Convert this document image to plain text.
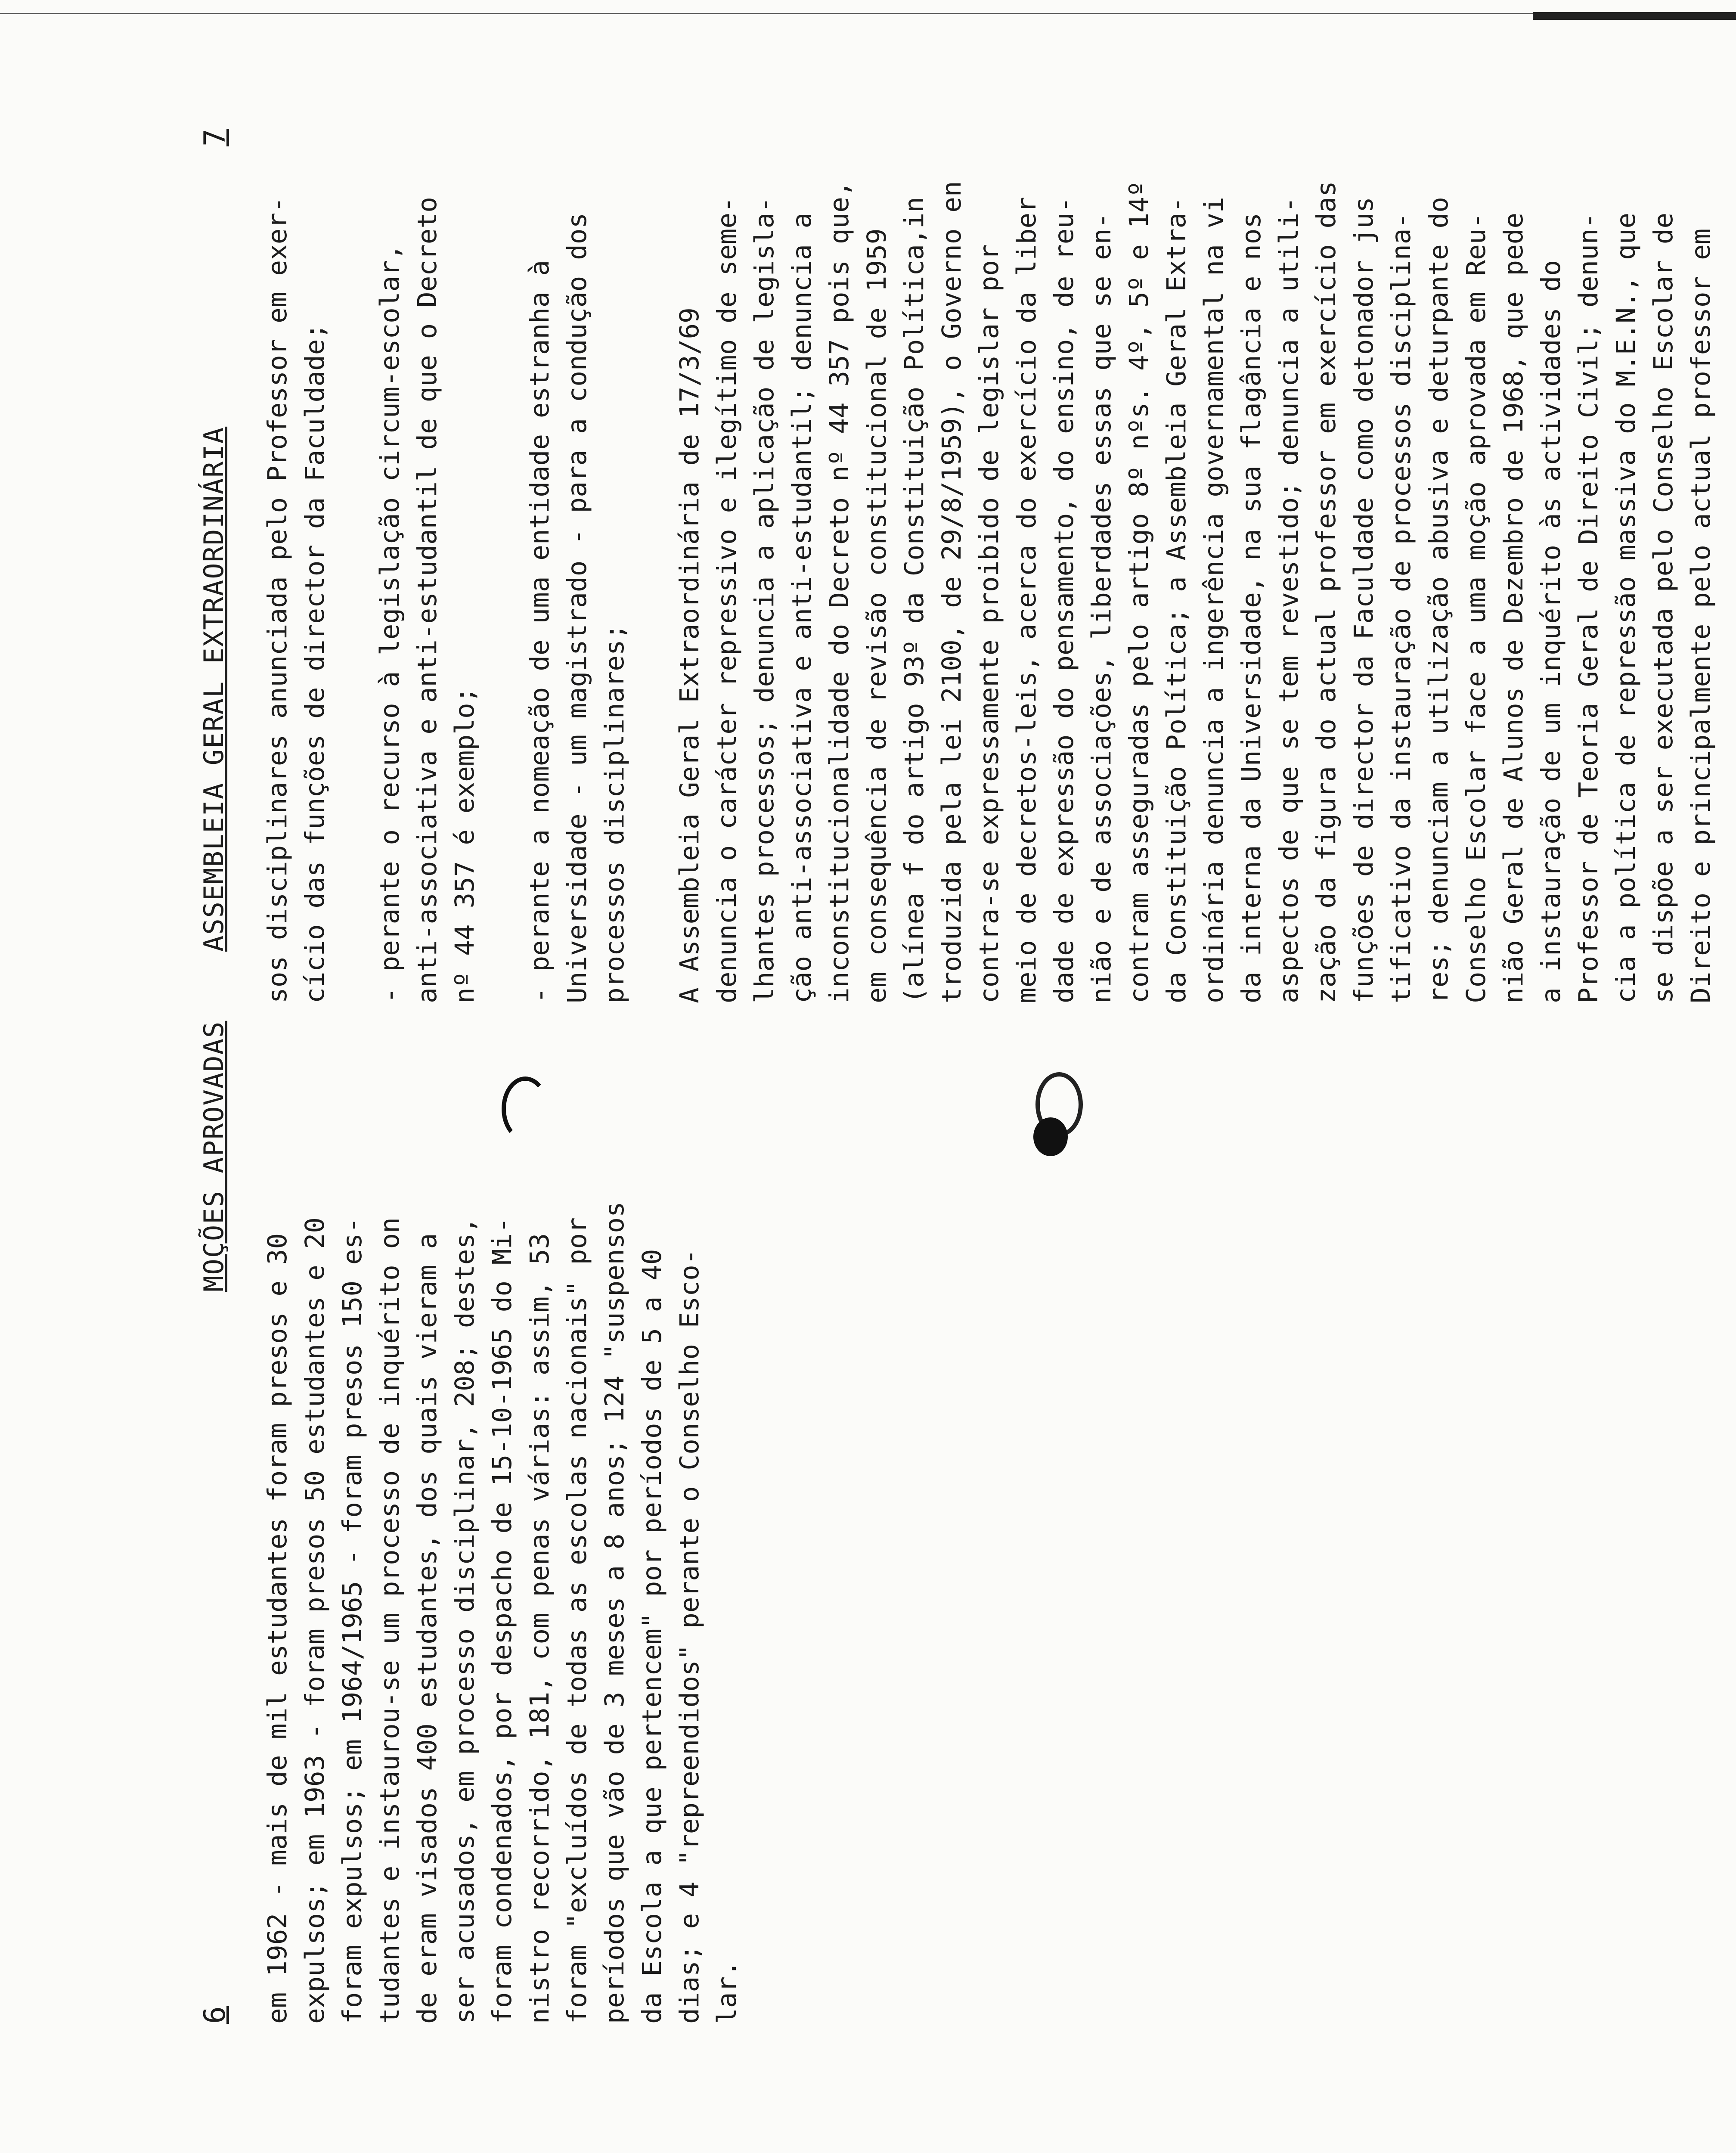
6
MOÇÕES APROVADAS

em 1962 - mais de mil estudantes foram presos e 30
expulsos; em 1963 - foram presos 50 estudantes e 20
foram expulsos; em 1964/1965 - foram presos 150 es-
tudantes e instaurou-se um processo de inquérito on
de eram visados 400 estudantes, dos quais vieram a
ser acusados, em processo disciplinar, 208; destes,
foram condenados, por despacho de 15-10-1965 do Mi-
nistro recorrido, 181, com penas várias: assim, 53
foram "excluídos de todas as escolas nacionais" por
períodos que vão de 3 meses a 8 anos; 124 "suspensos
da Escola a que pertencem" por períodos de 5 a 40
dias; e 4 "repreendidos" perante o Conselho Esco-
lar.

ASSEMBLEIA GERAL EXTRAORDINÁRIA
7

sos disciplinares anunciada pelo Professor em exer-
cício das funções de director da Faculdade;

- perante o recurso à legislação circum-escolar,
anti-associativa e anti-estudantil de que o Decreto
nº 44 357 é exemplo;

- perante a nomeação de uma entidade estranha à
Universidade - um magistrado - para a condução dos
processos disciplinares;

A Assembleia Geral Extraordinária de 17/3/69
denuncia o carácter repressivo e ilegítimo de seme-
lhantes processos; denuncia a aplicação de legisla-
ção anti-associativa e anti-estudantil; denuncia a
inconstitucionalidade do Decreto nº 44 357 pois que,
em consequência de revisão constitucional de 1959
(alínea f do artigo 93º da Constituição Política,in
troduzida pela lei 2100, de 29/8/1959), o Governo en
contra-se expressamente proibido de legislar por
meio de decretos-leis, acerca do exercício da liber
dade de expressão do pensamento, do ensino, de reu-
nião e de associações, liberdades essas que se en-
contram asseguradas pelo artigo 8º nºs. 4º, 5º e 14º
da Constituição Política; a Assembleia Geral Extra-
ordinária denuncia a ingerência governamental na vi
da interna da Universidade, na sua flagância e nos
aspectos de que se tem revestido; denuncia a utili-
zação da figura do actual professor em exercício das
funções de director da Faculdade como detonador jus
tificativo da instauração de processos disciplina-
res; denunciam a utilização abusiva e deturpante do
Conselho Escolar face a uma moção aprovada em Reu-
nião Geral de Alunos de Dezembro de 1968, que pede
a instauração de um inquérito às actividades do
Professor de Teoria Geral de Direito Civil; denun-
cia a política de repressão massiva do M.E.N., que
se dispõe a ser executada pelo Conselho Escolar de
Direito e principalmente pelo actual professor em
